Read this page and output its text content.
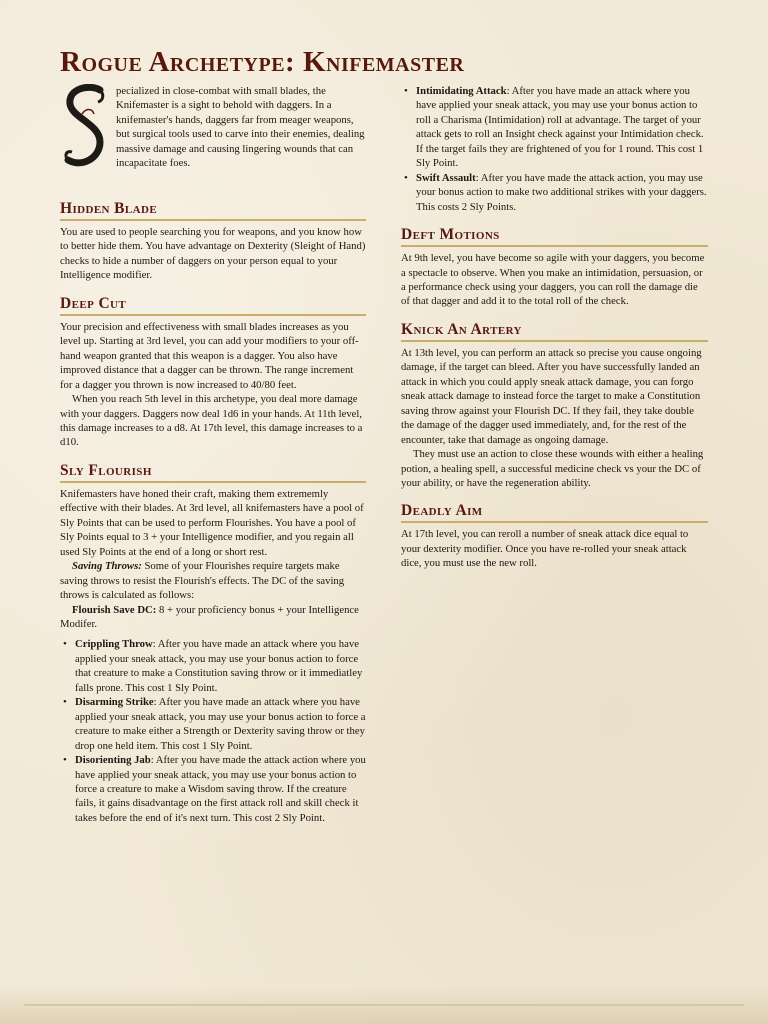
Rogue Archetype: Knifemaster

pecialized in close-combat with small blades, the Knifemaster is a sight to behold with daggers. In a knifemaster's hands, daggers far from meager weapons, but surgical tools used to carve into their enemies, dealing massive damage and causing lingering wounds that can incapacitate foes.

Hidden Blade

You are used to people searching you for weapons, and you know how to better hide them. You have advantage on Dexterity (Sleight of Hand) checks to hide a number of daggers on your person equal to your Intelligence modifier.

Deep Cut

Your precision and effectiveness with small blades increases as you level up. Starting at 3rd level, you can add your modifiers to your off-hand weapon granted that this weapon is a dagger. You also have improved distance that a dagger can be thrown. The range increment for a dagger you thrown is now increased to 40/80 feet.

When you reach 5th level in this archetype, you deal more damage with your daggers. Daggers now deal 1d6 in your hands. At 11th level, this damage increases to a d8. At 17th level, this damage increases to a d10.

Sly Flourish

Knifemasters have honed their craft, making them extrememly effective with their blades. At 3rd level, all knifemasters have a pool of Sly Points that can be used to perform Flourishes. You have a pool of Sly Points equal to 3 + your Intelligence modifier, and you regain all used Sly Points at the end of a long or short rest.

Saving Throws: Some of your Flourishes require targets make saving throws to resist the Flourish's effects. The DC of the saving throws is calculated as follows:

Flourish Save DC: 8 + your proficiency bonus + your Intelligence Modifer.

• Crippling Throw: After you have made an attack where you have applied your sneak attack, you may use your bonus action to force that creature to make a Constitution saving throw or it immediatley falls prone. This cost 1 Sly Point.
• Disarming Strike: After you have made an attack where you have applied your sneak attack, you may use your bonus action to force a creature to make either a Strength or Dexterity saving throw or they drop one held item. This cost 1 Sly Point.
• Disorienting Jab: After you have made the attack action where you have applied your sneak attack, you may use your bonus action to force a creature to make a Wisdom saving throw. If the creature fails, it gains disadvantage on the first attack roll and skill check it takes before the end of it's next turn. This cost 2 Sly Point.
• Intimidating Attack: After you have made an attack where you have applied your sneak attack, you may use your bonus action to roll a Charisma (Intimidation) roll at advantage. The target of your attack gets to roll an Insight check against your Intimidation check. If the target fails they are frightened of you for 1 round. This cost 1 Sly Point.
• Swift Assault: After you have made the attack action, you may use your bonus action to make two additional strikes with your daggers. This costs 2 Sly Points.
Deft Motions

At 9th level, you have become so agile with your daggers, you become a spectacle to observe. When you make an intimidation, persuasion, or a performance check using your daggers, you can roll the damage die of that dagger and add it to the total roll of the check.

Knick An Artery

At 13th level, you can perform an attack so precise you cause ongoing damage, if the target can bleed. After you have successfully landed an attack in which you could apply sneak attack damage, you can forgo sneak attack damage to instead force the target to make a Constitution saving throw against your Flourish DC. If they fail, they take double the damage of the dagger used immediately, and, for the rest of the encounter, take that damage as ongoing damage.

They must use an action to close these wounds with either a healing potion, a healing spell, a successful medicine check vs your the DC of your ability, or have the regeneration ability.

Deadly Aim

At 17th level, you can reroll a number of sneak attack dice equal to your dexterity modifier. Once you have re-rolled your sneak attack dice, you must use the new roll.
